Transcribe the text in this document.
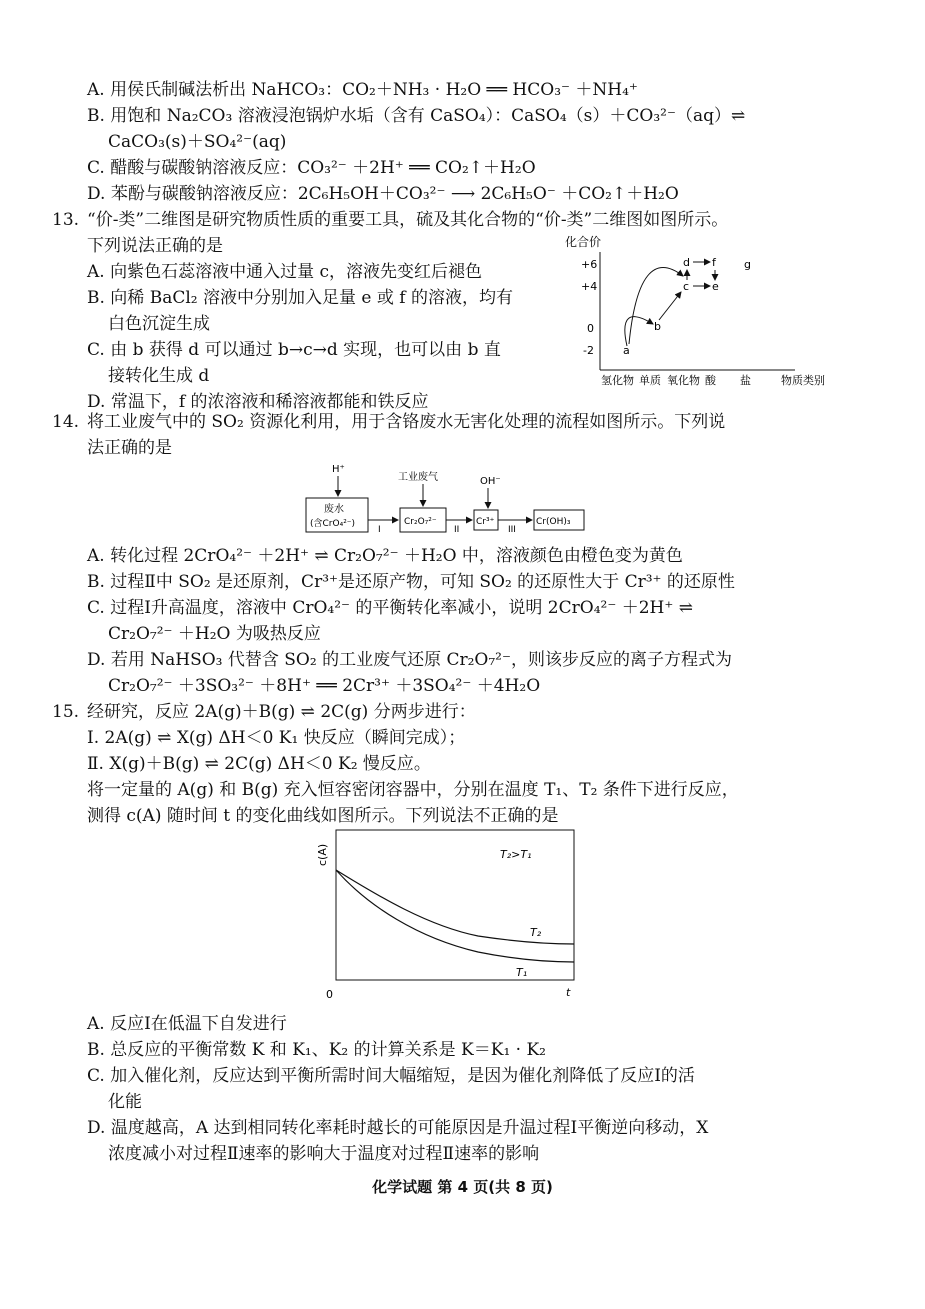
A. 用侯氏制碱法析出 NaHCO₃：CO₂＋NH₃ · H₂O ══ HCO₃⁻ ＋NH₄⁺
B. 用饱和 Na₂CO₃ 溶液浸泡锅炉水垢（含有 CaSO₄）：CaSO₄（s）＋CO₃²⁻（aq）⇌
CaCO₃(s)＋SO₄²⁻(aq)
C. 醋酸与碳酸钠溶液反应：CO₃²⁻ ＋2H⁺ ══ CO₂↑＋H₂O
D. 苯酚与碳酸钠溶液反应：2C₆H₅OH＋CO₃²⁻ ⟶ 2C₆H₅O⁻ ＋CO₂↑＋H₂O
13. “价-类”二维图是研究物质性质的重要工具，硫及其化合物的“价-类”二维图如图所示。
下列说法正确的是
A. 向紫色石蕊溶液中通入过量 c，溶液先变红后褪色
B. 向稀 BaCl₂ 溶液中分别加入足量 e 或 f 的溶液，均有
白色沉淀生成
C. 由 b 获得 d 可以通过 b→c→d 实现，也可以由 b 直
接转化生成 d
D. 常温下，f 的浓溶液和稀溶液都能和铁反应
化合价
+6
+4
0
-2
氢化物 单质 氧化物 酸 盐	物质类别
a
b
c
d
e
f	g
14. 将工业废气中的 SO₂ 资源化利用，用于含铬废水无害化处理的流程如图所示。下列说
法正确的是
H⁺
工业废气	OH⁻
废水
(含CrO₄²⁻)
I
Cr₂O₇²⁻
II
Cr³⁺
III
Cr(OH)₃
A. 转化过程 2CrO₄²⁻ ＋2H⁺ ⇌ Cr₂O₇²⁻ ＋H₂O 中，溶液颜色由橙色变为黄色
B. 过程Ⅱ中 SO₂ 是还原剂，Cr³⁺是还原产物，可知 SO₂ 的还原性大于 Cr³⁺ 的还原性
C. 过程Ⅰ升高温度，溶液中 CrO₄²⁻ 的平衡转化率减小，说明 2CrO₄²⁻ ＋2H⁺ ⇌
Cr₂O₇²⁻ ＋H₂O 为吸热反应
D. 若用 NaHSO₃ 代替含 SO₂ 的工业废气还原 Cr₂O₇²⁻，则该步反应的离子方程式为
Cr₂O₇²⁻ ＋3SO₃²⁻ ＋8H⁺ ══ 2Cr³⁺ ＋3SO₄²⁻ ＋4H₂O
15. 经研究，反应 2A(g)＋B(g) ⇌ 2C(g) 分两步进行：
Ⅰ. 2A(g) ⇌ X(g) ΔH＜0 K₁ 快反应（瞬间完成）；
Ⅱ. X(g)＋B(g) ⇌ 2C(g) ΔH＜0 K₂ 慢反应。
将一定量的 A(g) 和 B(g) 充入恒容密闭容器中，分别在温度 T₁、T₂ 条件下进行反应，
测得 c(A) 随时间 t 的变化曲线如图所示。下列说法不正确的是
c(A)
0	t
T₂>T₁
T₂
T₁
A. 反应Ⅰ在低温下自发进行
B. 总反应的平衡常数 K 和 K₁、K₂ 的计算关系是 K＝K₁ · K₂
C. 加入催化剂，反应达到平衡所需时间大幅缩短，是因为催化剂降低了反应Ⅰ的活
化能
D. 温度越高，A 达到相同转化率耗时越长的可能原因是升温过程Ⅰ平衡逆向移动，X
浓度减小对过程Ⅱ速率的影响大于温度对过程Ⅱ速率的影响
化学试题 第 4 页(共 8 页)
